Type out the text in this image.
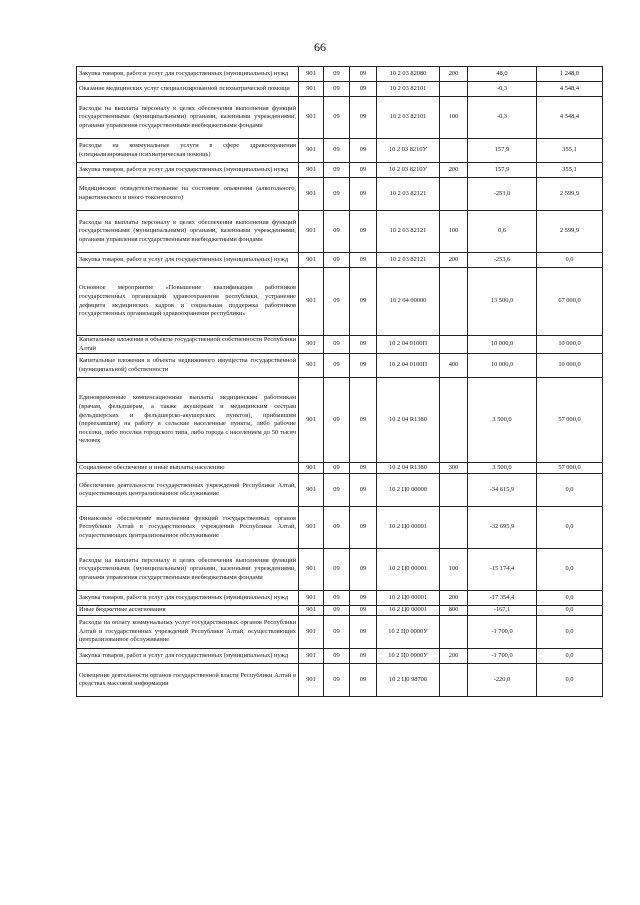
66
Закупка товаров, работ и услуг для государственных (муниципальных) нужд	901	09	09	10 2 03 82080	200	48,0	1 248,0
Оказание медицинских услуг специализированной психиатрической помощи	901	09	09	10 2 03 82101		-0,3	4 548,4
Расходы на выплаты персоналу в целях обеспечения выполнения функций государственными (муниципальными) органами, казенными учреждениями, органами управления государственными внебюджетными фондами	901	09	09	10 2 03 82101	100	-0,3	4 548,4
Расходы на коммунальные услуги в сфере здравоохранения (специализированная психиатрическая помощь)	901	09	09	10 2 03 8210У		157,9	355,1
Закупка товаров, работ и услуг для государственных (муниципальных) нужд	901	09	09	10 2 03 8210У	200	157,9	355,1
Медицинское освидетельствование на состояние опьянения (алкогольного, наркотического и иного токсического)	901	09	09	10 2 03 82121		-253,0	2 599,9
Расходы на выплаты персоналу в целях обеспечения выполнения функций государственными (муниципальными) органами, казенными учреждениями, органами управления государственными внебюджетными фондами	901	09	09	10 2 03 82121	100	0,6	2 599,9
Закупка товаров, работ и услуг для государственных (муниципальных) нужд	901	09	09	10 2 03 82121	200	-253,6	0,0
Основное мероприятие «Повышение квалификации работников государственных организаций здравоохранения республики, устранение дефицита медицинских кадров и социальная поддержка работников государственных организаций здравоохранения республики»	901	09	09	10 2 04 00000		13 500,0	67 000,0
Капитальные вложения в объекты государственной собственности Республики Алтай	901	09	09	10 2 04 0100П		10 000,0	10 000,0
Капитальные вложения в объекты недвижимого имущества государственной (муниципальной) собственности	901	09	09	10 2 04 0100П	400	10 000,0	10 000,0
Единовременные компенсационные выплаты медицинским работникам (врачам, фельдшерам, а также акушеркам и медицинским сестрам фельдшерских и фельдшерско-акушерских пунктов), прибывшим (переехавшим) на работу в сельские населенные пункты, либо рабочие поселки, либо поселки городского типа, либо города с населением до 50 тысяч человек	901	09	09	10 2 04 R1380		3 500,0	57 000,0
Социальное обеспечение и иные выплаты населению	901	09	09	10 2 04 R1380	300	3 500,0	57 000,0
Обеспечение деятельности государственных учреждений Республики Алтай, осуществляющих централизованное обслуживание	901	09	09	10 2 Ц0 00000		-34 615,9	0,0
Финансовое обеспечение выполнения функций государственных органов Республики Алтай и государственных учреждений Республики Алтай, осуществляющих централизованное обслуживание	901	09	09	10 2 Ц0 00001		-32 695,9	0,0
Расходы на выплаты персоналу в целях обеспечения выполнения функций государственными (муниципальными) органами, казенными учреждениями, органами управления государственными внебюджетными фондами	901	09	09	10 2 Ц0 00001	100	-15 174,4	0,0
Закупка товаров, работ и услуг для государственных (муниципальных) нужд	901	09	09	10 2 Ц0 00001	200	-17 354,4	0,0
Иные бюджетные ассигнования	901	09	09	10 2 Ц0 00001	800	-167,1	0,0
Расходы на оплату коммунальных услуг государственных органов Республики Алтай и государственных учреждений Республики Алтай, осуществляющих централизованное обслуживание	901	09	09	10 2 Ц0 0000У		-1 700,0	0,0
Закупка товаров, работ и услуг для государственных (муниципальных) нужд	901	09	09	10 2 Ц0 0000У	200	-1 700,0	0,0
Освещение деятельности органов государственной власти Республики Алтай в средствах массовой информации	901	09	09	10 2 Ц0 98700		-220,0	0,0
